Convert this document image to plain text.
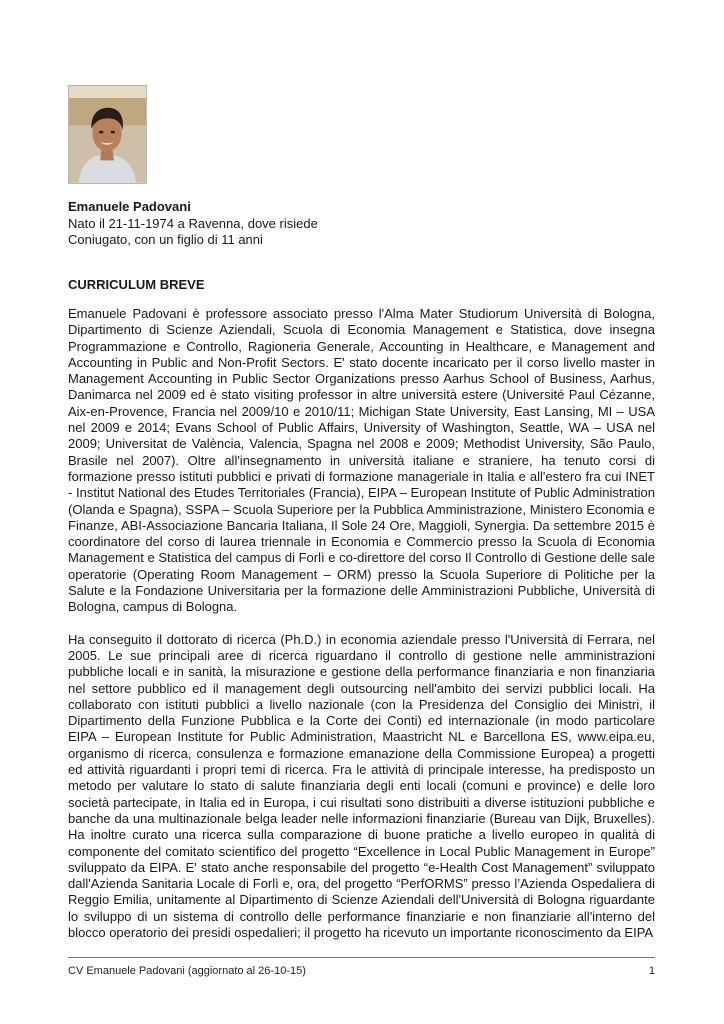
Emanuele Padovani
Nato il 21-11-1974 a Ravenna, dove risiede
Coniugato, con un figlio di 11 anni
CURRICULUM BREVE

Emanuele Padovani è professore associato presso l'Alma Mater Studiorum Università di Bologna, Dipartimento di Scienze Aziendali, Scuola di Economia Management e Statistica, dove insegna Programmazione e Controllo, Ragioneria Generale, Accounting in Healthcare, e Management and Accounting in Public and Non-Profit Sectors. E' stato docente incaricato per il corso livello master in Management Accounting in Public Sector Organizations presso Aarhus School of Business, Aarhus, Danimarca nel 2009 ed è stato visiting professor in altre università estere (Université Paul Cézanne, Aix-en-Provence, Francia nel 2009/10 e 2010/11; Michigan State University, East Lansing, MI – USA nel 2009 e 2014; Evans School of Public Affairs, University of Washington, Seattle, WA – USA nel 2009; Universitat de València, Valencia, Spagna nel 2008 e 2009; Methodist University, São Paulo, Brasile nel 2007). Oltre all'insegnamento in università italiane e straniere, ha tenuto corsi di formazione presso istituti pubblici e privati di formazione manageriale in Italia e all'estero fra cui INET - Institut National des Etudes Territoriales (Francia), EIPA – European Institute of Public Administration (Olanda e Spagna), SSPA – Scuola Superiore per la Pubblica Amministrazione, Ministero Economia e Finanze, ABI-Associazione Bancaria Italiana, Il Sole 24 Ore, Maggioli, Synergia. Da settembre 2015 è coordinatore del corso di laurea triennale in Economia e Commercio presso la Scuola di Economia Management e Statistica del campus di Forlì e co-direttore del corso Il Controllo di Gestione delle sale operatorie (Operating Room Management – ORM) presso la Scuola Superiore di Politiche per la Salute e la Fondazione Universitaria per la formazione delle Amministrazioni Pubbliche, Università di Bologna, campus di Bologna.

Ha conseguito il dottorato di ricerca (Ph.D.) in economia aziendale presso l'Università di Ferrara, nel 2005. Le sue principali aree di ricerca riguardano il controllo di gestione nelle amministrazioni pubbliche locali e in sanità, la misurazione e gestione della performance finanziaria e non finanziaria nel settore pubblico ed il management degli outsourcing nell'ambito dei servizi pubblici locali. Ha collaborato con istituti pubblici a livello nazionale (con la Presidenza del Consiglio dei Ministri, il Dipartimento della Funzione Pubblica e la Corte dei Conti) ed internazionale (in modo particolare EIPA – European Institute for Public Administration, Maastricht NL e Barcellona ES, www.eipa.eu, organismo di ricerca, consulenza e formazione emanazione della Commissione Europea) a progetti ed attività riguardanti i propri temi di ricerca. Fra le attività di principale interesse, ha predisposto un metodo per valutare lo stato di salute finanziaria degli enti locali (comuni e province) e delle loro società partecipate, in Italia ed in Europa, i cui risultati sono distribuiti a diverse istituzioni pubbliche e banche da una multinazionale belga leader nelle informazioni finanziarie (Bureau van Dijk, Bruxelles). Ha inoltre curato una ricerca sulla comparazione di buone pratiche a livello europeo in qualità di componente del comitato scientifico del progetto “Excellence in Local Public Management in Europe” sviluppato da EIPA. E' stato anche responsabile del progetto “e-Health Cost Management” sviluppato dall'Azienda Sanitaria Locale di Forlì e, ora, del progetto “PerfORMS” presso l’Azienda Ospedaliera di Reggio Emilia, unitamente al Dipartimento di Scienze Aziendali dell'Università di Bologna riguardante lo sviluppo di un sistema di controllo delle performance finanziarie e non finanziarie all'interno del blocco operatorio dei presidi ospedalieri; il progetto ha ricevuto un importante riconoscimento da EIPA

CV Emanuele Padovani (aggiornato al 26-10-15)	1
